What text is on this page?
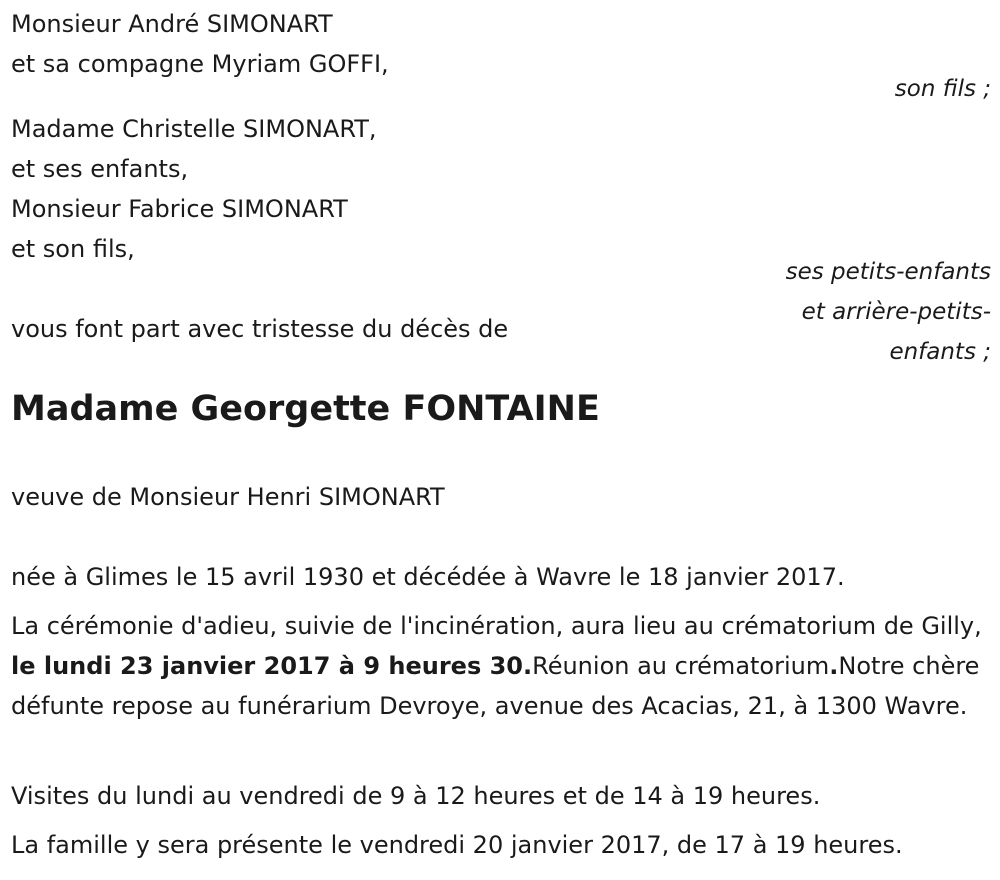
Monsieur André SIMONART
et sa compagne Myriam GOFFI,
son fils ;
Madame Christelle SIMONART,
et ses enfants,
Monsieur Fabrice SIMONART
et son fils,
ses petits-enfants
et arrière-petits-
enfants ;
vous font part avec tristesse du décès de
Madame Georgette FONTAINE
veuve de Monsieur Henri SIMONART
née à Glimes le 15 avril 1930 et décédée à Wavre le 18 janvier 2017.
La cérémonie d'adieu, suivie de l'incinération, aura lieu au crématorium de Gilly, le lundi 23 janvier 2017 à 9 heures 30.Réunion au crématorium.Notre chère défunte repose au funérarium Devroye, avenue des Acacias, 21, à 1300 Wavre.
Visites du lundi au vendredi de 9 à 12 heures et de 14 à 19 heures.
La famille y sera présente le vendredi 20 janvier 2017, de 17 à 19 heures.
